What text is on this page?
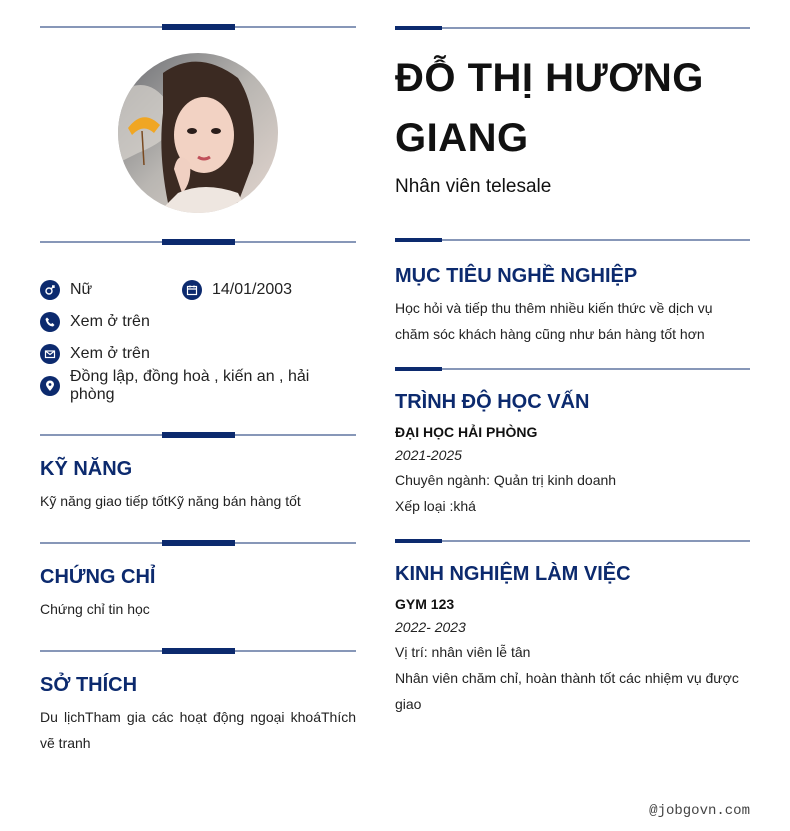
Nữ	14/01/2003
Xem ở trên
Xem ở trên
Đồng lập, đồng hoà , kiến an , hải phòng
KỸ NĂNG
Kỹ năng giao tiếp tốtKỹ năng bán hàng tốt
CHỨNG CHỈ
Chứng chỉ tin học
SỞ THÍCH
Du lịchTham gia các hoạt động ngoại khoáThích vẽ tranh
ĐỖ THỊ HƯƠNG GIANG
Nhân viên telesale
MỤC TIÊU NGHỀ NGHIỆP
Học hỏi và tiếp thu thêm nhiều kiến thức về dịch vụ chăm sóc khách hàng cũng như bán hàng tốt hơn
TRÌNH ĐỘ HỌC VẤN
ĐẠI HỌC HẢI PHÒNG
2021-2025
Chuyên ngành: Quản trị kinh doanh
Xếp loại :khá
KINH NGHIỆM LÀM VIỆC
GYM 123
2022- 2023
Vị trí: nhân viên lễ tân
Nhân viên chăm chỉ, hoàn thành tốt các nhiệm vụ được giao
@jobgovn.com
